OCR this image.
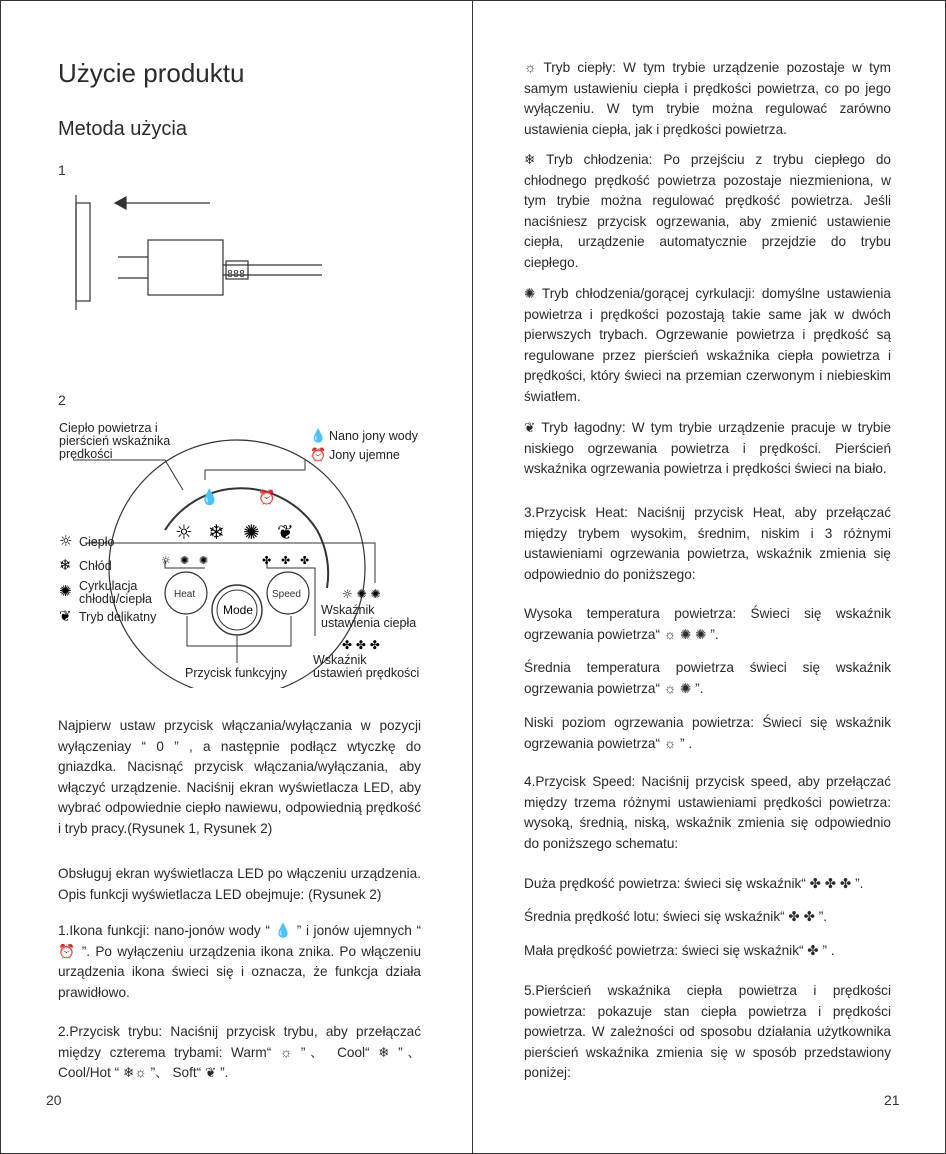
Użycie produktu
Metoda użycia
1
888
2
💧	⏰
☼ ❄ ✺ ❦
☼ ✺ ✺	✤ ✤ ✤
Heat	Speed
Mode
Ciepło powietrza i
pierścień wskaźnika
prędkości
💧 Nano jony wody
⏰ Jony ujemne
☼ Ciepło
❄ Chłód
✺ Cyrkulacja
chłodu/ciepła
❦ Tryb delikatny
☼ ✺ ✺
Wskaźnik
ustawienia ciepła
✤ ✤ ✤
Wskaźnik
ustawień prędkości
Przycisk funkcyjny

Najpierw ustaw przycisk włączania/wyłączania w pozycji wyłączeniay “ 0 ” , a następnie podłącz wtyczkę do gniazdka. Nacisnąć przycisk włączania/wyłączania, aby włączyć urządzenie. Naciśnij ekran wyświetlacza LED, aby wybrać odpowiednie ciepło nawiewu, odpowiednią prędkość i tryb pracy.(Rysunek 1, Rysunek 2)

Obsługuj ekran wyświetlacza LED po włączeniu urządzenia. Opis funkcji wyświetlacza LED obejmuje: (Rysunek 2)

1.Ikona funkcji: nano-jonów wody “ 💧 ” i jonów ujemnych “ ⏰ ”. Po wyłączeniu urządzenia ikona znika. Po włączeniu urządzenia ikona świeci się i oznacza, że funkcja działa prawidłowo.

2.Przycisk trybu: Naciśnij przycisk trybu, aby przełączać między czterema trybami: Warm“ ☼ ”、 Cool“ ❄ ”、Cool/Hot “ ❄☼ ”、 Soft“ ❦ ”.

20

☼ Tryb ciepły: W tym trybie urządzenie pozostaje w tym samym ustawieniu ciepła i prędkości powietrza, co po jego wyłączeniu. W tym trybie można regulować zarówno ustawienia ciepła, jak i prędkości powietrza.

❄ Tryb chłodzenia: Po przejściu z trybu ciepłego do chłodnego prędkość powietrza pozostaje niezmieniona, w tym trybie można regulować prędkość powietrza. Jeśli naciśniesz przycisk ogrzewania, aby zmienić ustawienie ciepła, urządzenie automatycznie przejdzie do trybu ciepłego.

✺ Tryb chłodzenia/gorącej cyrkulacji: domyślne ustawienia powietrza i prędkości pozostają takie same jak w dwóch pierwszych trybach. Ogrzewanie powietrza i prędkość są regulowane przez pierścień wskaźnika ciepła powietrza i prędkości, który świeci na przemian czerwonym i niebieskim światłem.

❦ Tryb łagodny: W tym trybie urządzenie pracuje w trybie niskiego ogrzewania powietrza i prędkości. Pierścień wskaźnika ogrzewania powietrza i prędkości świeci na biało.

3.Przycisk Heat: Naciśnij przycisk Heat, aby przełączać między trybem wysokim, średnim, niskim i 3 różnymi ustawieniami ogrzewania powietrza, wskaźnik zmienia się odpowiednio do poniższego:

Wysoka temperatura powietrza: Świeci się wskaźnik ogrzewania powietrza“ ☼ ✺ ✺ ”.

Średnia temperatura powietrza świeci się wskaźnik ogrzewania powietrza“ ☼ ✺ ”.

Niski poziom ogrzewania powietrza: Świeci się wskaźnik ogrzewania powietrza“ ☼ ” .

4.Przycisk Speed: Naciśnij przycisk speed, aby przełączać między trzema różnymi ustawieniami prędkości powietrza: wysoką, średnią, niską, wskaźnik zmienia się odpowiednio do poniższego schematu:

Duża prędkość powietrza: świeci się wskaźnik“ ✤ ✤ ✤ ”.

Średnia prędkość lotu: świeci się wskaźnik“ ✤ ✤ ”.

Mała prędkość powietrza: świeci się wskaźnik“ ✤ ” .

5.Pierścień wskaźnika ciepła powietrza i prędkości powietrza: pokazuje stan ciepła powietrza i prędkości powietrza. W zależności od sposobu działania użytkownika pierścień wskaźnika zmienia się w sposób przedstawiony poniżej:

21
